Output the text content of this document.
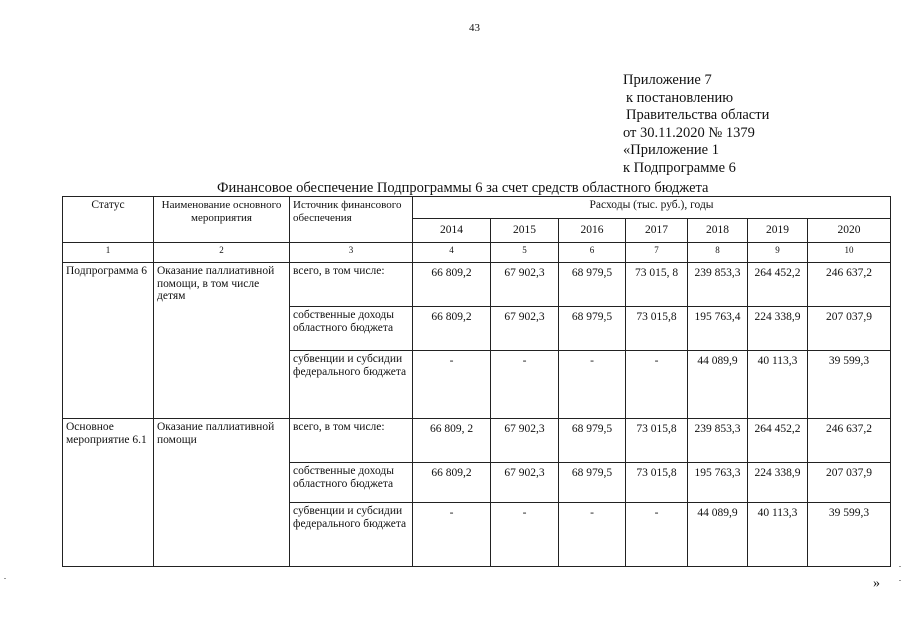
43
Приложение 7
к постановлению
Правительства области
от 30.11.2020 № 1379
«Приложение 1
к Подпрограмме 6
Финансовое обеспечение Подпрограммы 6 за счет средств областного бюджета
Статус	Наименование основного мероприятия	Источник финансового обеспечения	Расходы (тыс. руб.), годы						
			2014	2015	2016	2017	2018	2019	2020
1	2	3	4	5	6	7	8	9	10
Подпрограмма 6	Оказание паллиативной помощи, в том числе детям	всего, в том числе:	66 809,2	67 902,3	68 979,5	73 015, 8	239 853,3	264 452,2	246 637,2
		собственные доходы областного бюджета	66 809,2	67 902,3	68 979,5	73 015,8	195 763,4	224 338,9	207 037,9
		субвенции и субсидии федерального бюджета	-	-	-	-	44 089,9	40 113,3	39 599,3
Основное мероприятие 6.1	Оказание паллиативной помощи	всего, в том числе:	66 809, 2	67 902,3	68 979,5	73 015,8	239 853,3	264 452,2	246 637,2
		собственные доходы областного бюджета	66 809,2	67 902,3	68 979,5	73 015,8	195 763,3	224 338,9	207 037,9
		субвенции и субсидии федерального бюджета	-	-	-	-	44 089,9	40 113,3	39 599,3
»
